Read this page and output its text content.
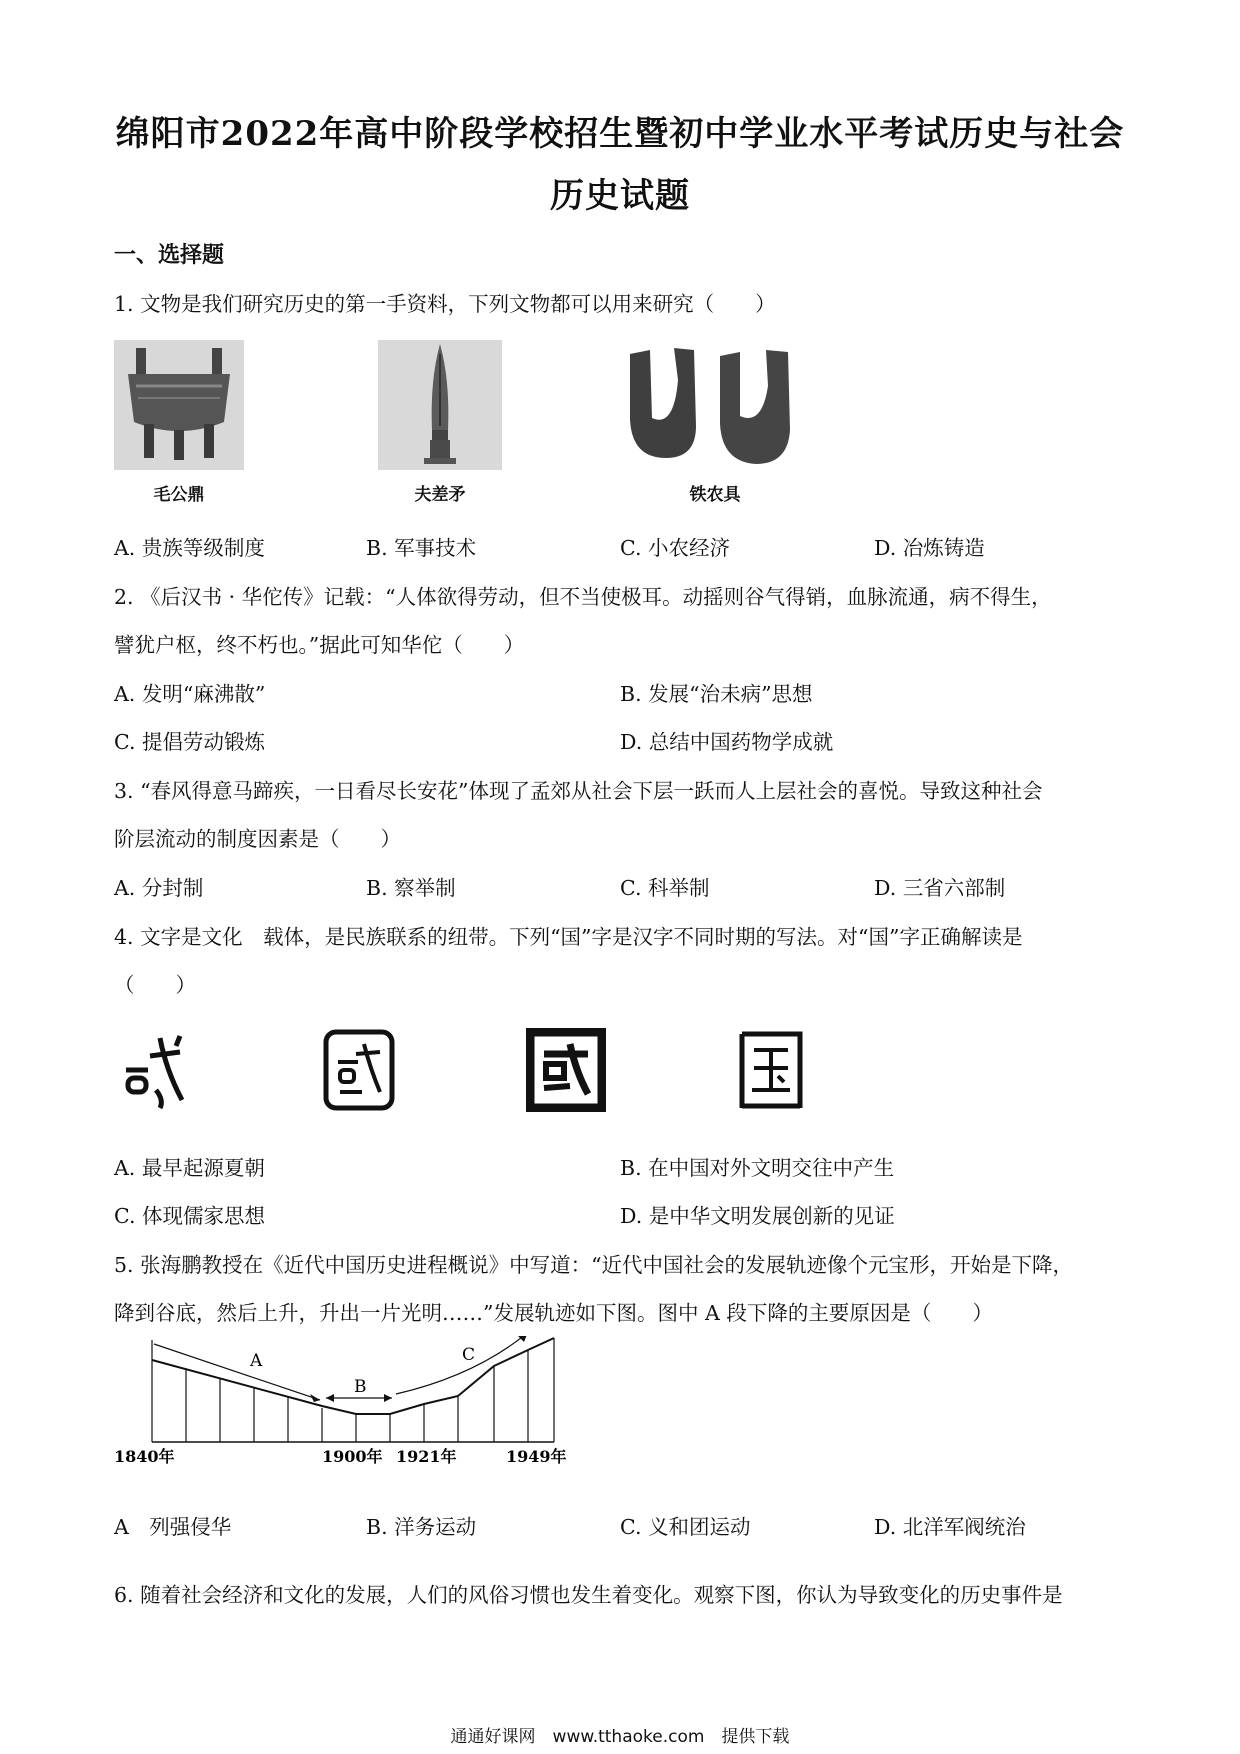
绵阳市2022年高中阶段学校招生暨初中学业水平考试历史与社会
历史试题
一、选择题
1. 文物是我们研究历史的第一手资料，下列文物都可以用来研究（　　）
毛公鼎	夫差矛	铁农具
A. 贵族等级制度	B. 军事技术	C. 小农经济	D. 冶炼铸造
2. 《后汉书 · 华佗传》记载：“人体欲得劳动，但不当使极耳。动摇则谷气得销，血脉流通，病不得生，
譬犹户枢，终不朽也。”据此可知华佗（　　）
A. 发明“麻沸散”	B. 发展“治未病”思想
C. 提倡劳动锻炼	D. 总结中国药物学成就
3. “春风得意马蹄疾，一日看尽长安花”体现了孟郊从社会下层一跃而人上层社会的喜悦。导致这种社会
阶层流动的制度因素是（　　）
A. 分封制	B. 察举制	C. 科举制	D. 三省六部制
4. 文字是文化　载体，是民族联系的纽带。下列“国”字是汉字不同时期的写法。对“国”字正确解读是
（　　）
A. 最早起源夏朝	B. 在中国对外文明交往中产生
C. 体现儒家思想	D. 是中华文明发展创新的见证
5. 张海鹏教授在《近代中国历史进程概说》中写道：“近代中国社会的发展轨迹像个元宝形，开始是下降，
降到谷底，然后上升，升出一片光明……”发展轨迹如下图。图中 A 段下降的主要原因是（　　）
A
B
C
1840年	1900年 1921年	1949年
A　列强侵华	B. 洋务运动	C. 义和团运动	D. 北洋军阀统治
6. 随着社会经济和文化的发展，人们的风俗习惯也发生着变化。观察下图，你认为导致变化的历史事件是
通通好课网　www.tthaoke.com　提供下载
